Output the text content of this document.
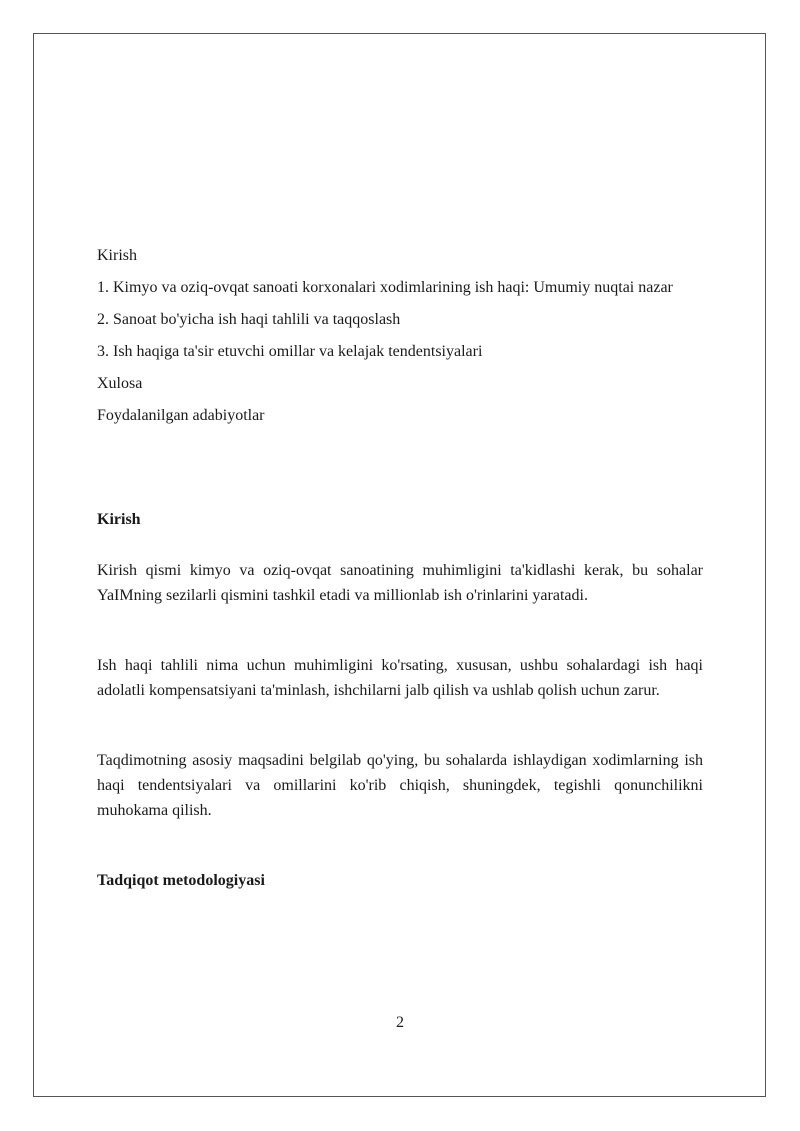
Kirish

1. Kimyo va oziq-ovqat sanoati korxonalari xodimlarining ish haqi: Umumiy nuqtai nazar

2. Sanoat bo'yicha ish haqi tahlili va taqqoslash

3. Ish haqiga ta'sir etuvchi omillar va kelajak tendentsiyalari

Xulosa

Foydalanilgan adabiyotlar

Kirish

Kirish qismi kimyo va oziq-ovqat sanoatining muhimligini ta'kidlashi kerak, bu sohalar YaIMning sezilarli qismini tashkil etadi va millionlab ish o'rinlarini yaratadi.

Ish haqi tahlili nima uchun muhimligini ko'rsating, xususan, ushbu sohalardagi ish haqi adolatli kompensatsiyani ta'minlash, ishchilarni jalb qilish va ushlab qolish uchun zarur.

Taqdimotning asosiy maqsadini belgilab qo'ying, bu sohalarda ishlaydigan xodimlarning ish haqi tendentsiyalari va omillarini ko'rib chiqish, shuningdek, tegishli qonunchilikni muhokama qilish.

Tadqiqot metodologiyasi
2
